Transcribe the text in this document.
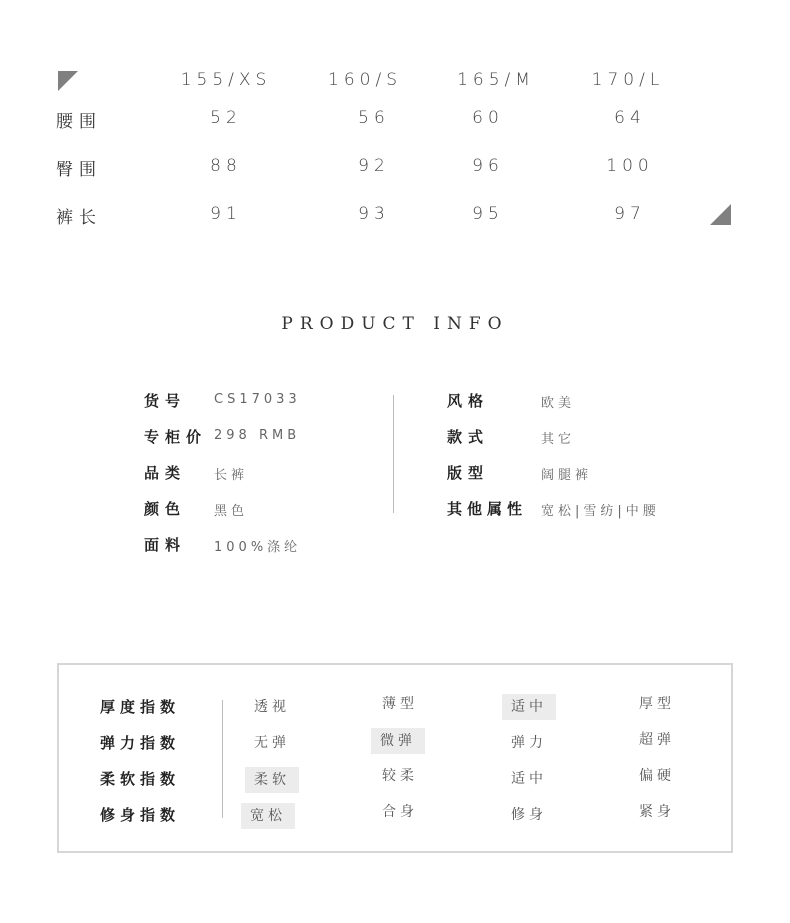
155/XS	160/S	165/M	170/L
腰围	52	56	60	64
臀围	88	92	96	100
裤长	91	93	95	97
PRODUCT INFO
货号 CS17033
专柜价 298 RMB
品类 长裤
颜色 黑色
面料 100%涤纶
风格	欧美
款式	其它
版型	阔腿裤
其他属性 宽松|雪纺|中腰
厚度指数	透视	薄型	适中	厚型
弹力指数	无弹	微弹	弹力	超弹
柔软指数	柔软	较柔	适中	偏硬
修身指数	宽松	合身	修身	紧身
